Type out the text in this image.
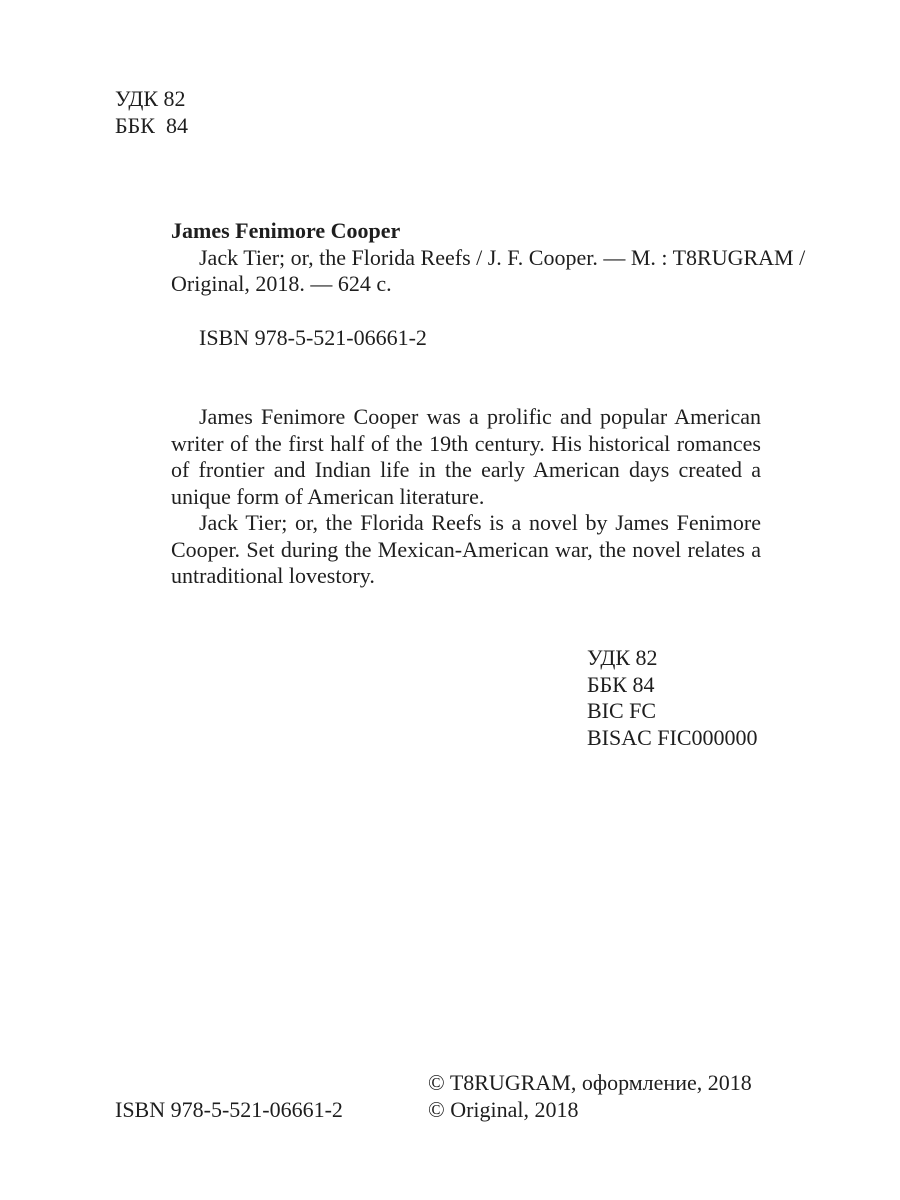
УДК 82
ББК  84
James Fenimore Cooper
Jack Tier; or, the Florida Reefs / J. F. Cooper. — M. : T8RUGRAM /
Original, 2018. — 624 c.
ISBN 978-5-521-06661-2

James Fenimore Cooper was a prolific and popular American writer of the first half of the 19th century. His historical romances of frontier and Indian life in the early American days created a unique form of American literature.

Jack Tier; or, the Florida Reefs is a novel by James Fenimore Cooper. Set during the Mexican-American war, the novel relates a untraditional lovestory.

УДК 82
ББК 84
BIC FC
BISAC FIC000000
ISBN 978-5-521-06661-2
© T8RUGRAM, оформление, 2018
© Original, 2018
